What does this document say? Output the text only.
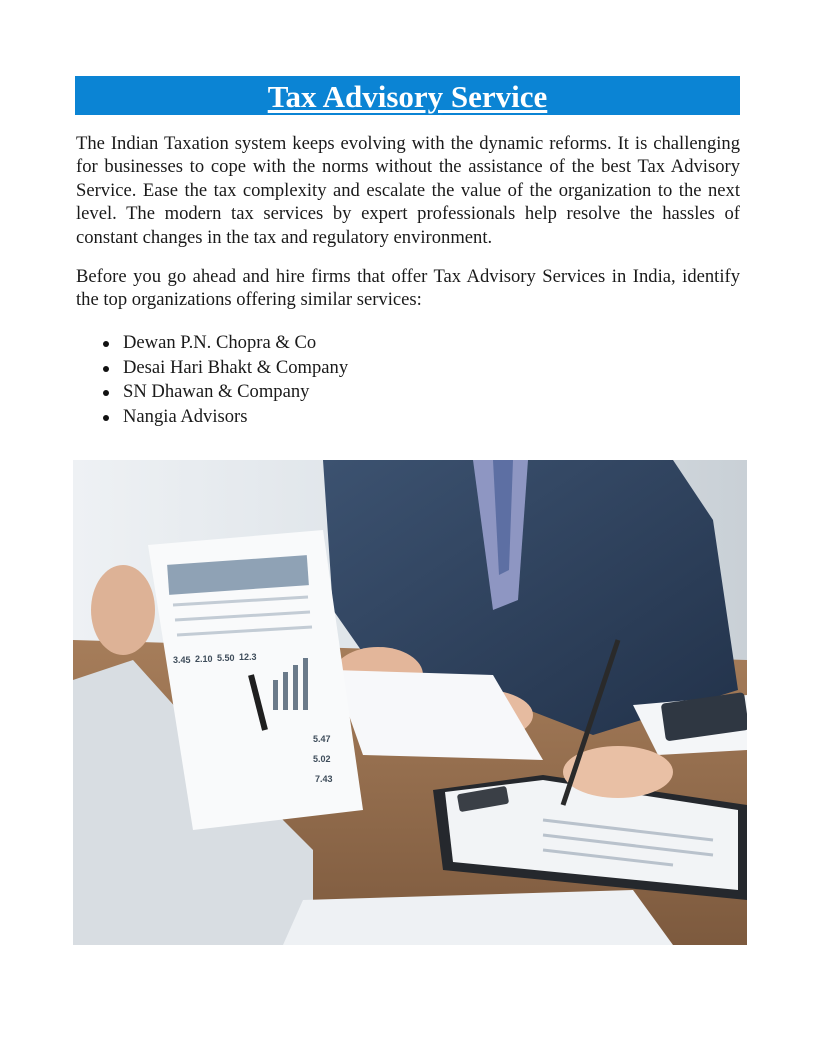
Tax Advisory Service

The Indian Taxation system keeps evolving with the dynamic reforms. It is challenging for businesses to cope with the norms without the assistance of the best Tax Advisory Service. Ease the tax complexity and escalate the value of the organization to the next level. The modern tax services by expert professionals help resolve the hassles of constant changes in the tax and regulatory environment.

Before you go ahead and hire firms that offer Tax Advisory Services in India, identify the top organizations offering similar services:

Dewan P.N. Chopra & Co
Desai Hari Bhakt & Company
SN Dhawan & Company
Nangia Advisors
3.45 2.10 5.50 12.3
5.47
5.02
7.43
